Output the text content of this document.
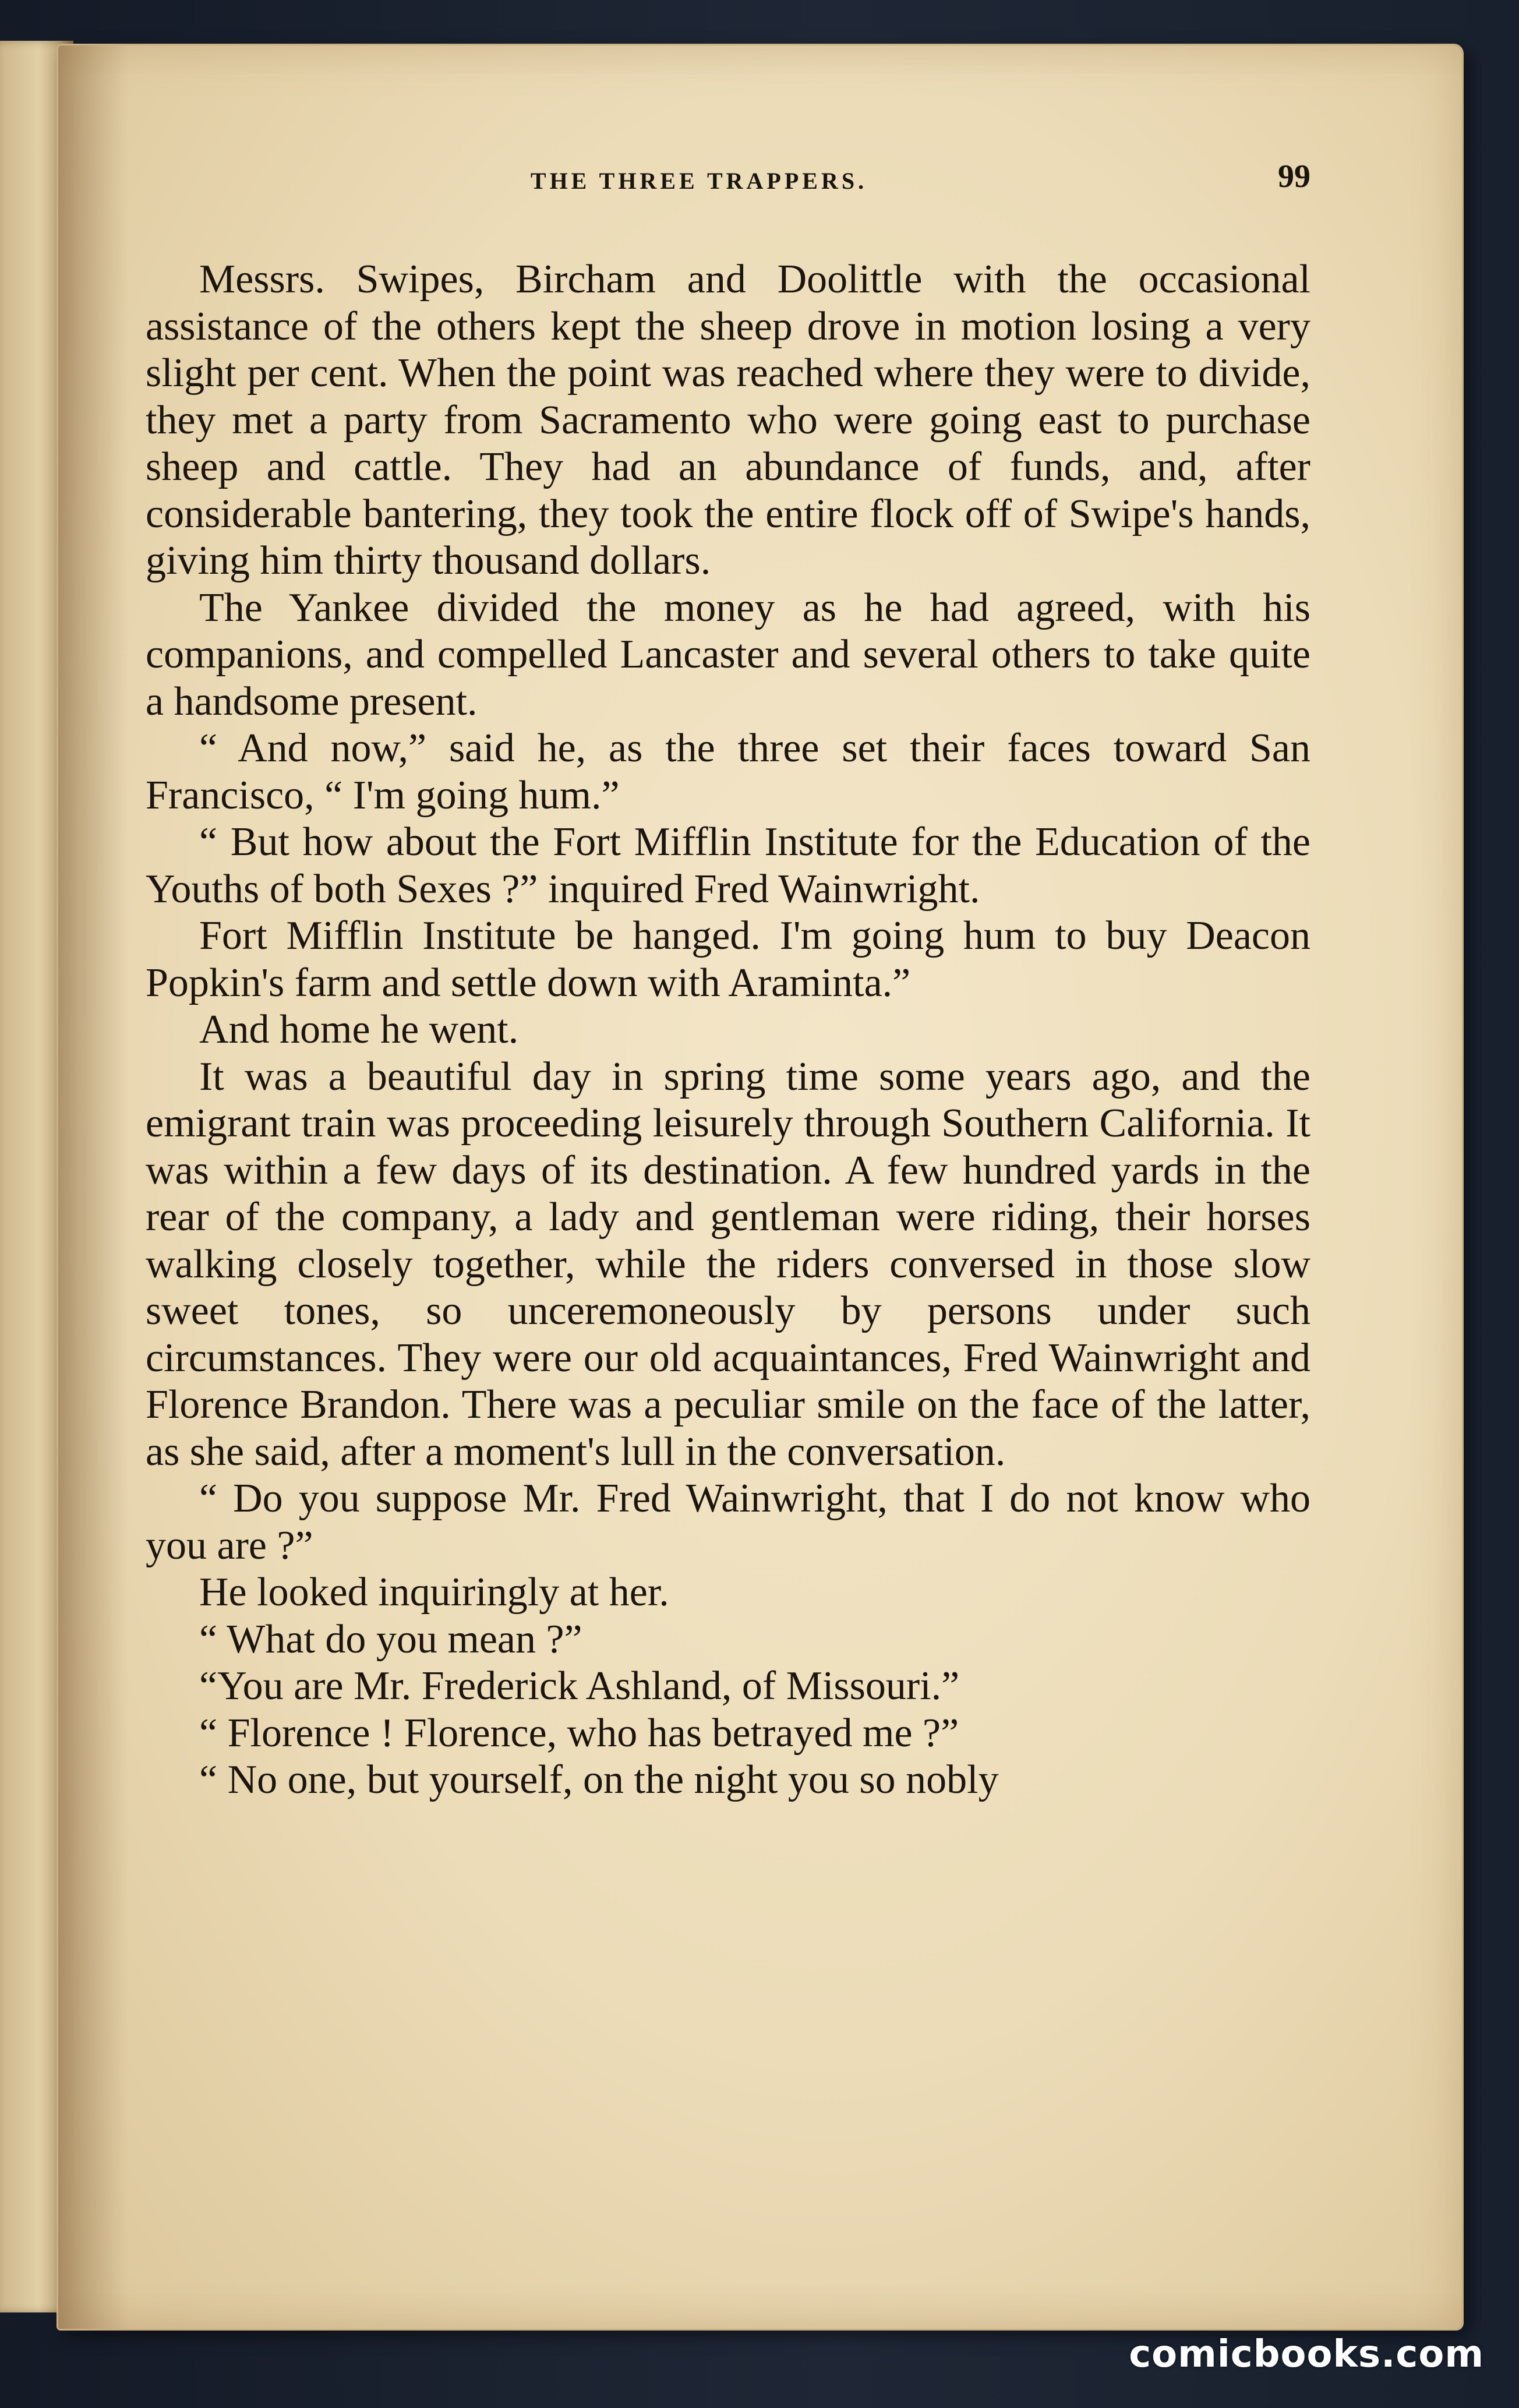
THE THREE TRAPPERS.	99

Messrs. Swipes, Bircham and Doolittle with the occasional assistance of the others kept the sheep drove in motion losing a very slight per cent. When the point was reached where they were to divide, they met a party from Sacramento who were going east to purchase sheep and cattle. They had an abundance of funds, and, after considerable bantering, they took the entire flock off of Swipe's hands, giving him thirty thousand dollars.

The Yankee divided the money as he had agreed, with his companions, and compelled Lancaster and several others to take quite a handsome present.

“ And now,” said he, as the three set their faces toward San Francisco, “ I'm going hum.”

“ But how about the Fort Mifflin Institute for the Education of the Youths of both Sexes ?” inquired Fred Wainwright.

Fort Mifflin Institute be hanged. I'm going hum to buy Deacon Popkin's farm and settle down with Araminta.”

And home he went.

It was a beautiful day in spring time some years ago, and the emigrant train was proceeding leisurely through Southern California. It was within a few days of its destination. A few hundred yards in the rear of the company, a lady and gentleman were riding, their horses walking closely together, while the riders conversed in those slow sweet tones, so unceremoneously by persons under such circumstances. They were our old acquaintances, Fred Wainwright and Florence Brandon. There was a peculiar smile on the face of the latter, as she said, after a moment's lull in the conversation.

“ Do you suppose Mr. Fred Wainwright, that I do not know who you are ?”

He looked inquiringly at her.

“ What do you mean ?”

“You are Mr. Frederick Ashland, of Missouri.”

“ Florence ! Florence, who has betrayed me ?”

“ No one, but yourself, on the night you so nobly

comicbooks.com
